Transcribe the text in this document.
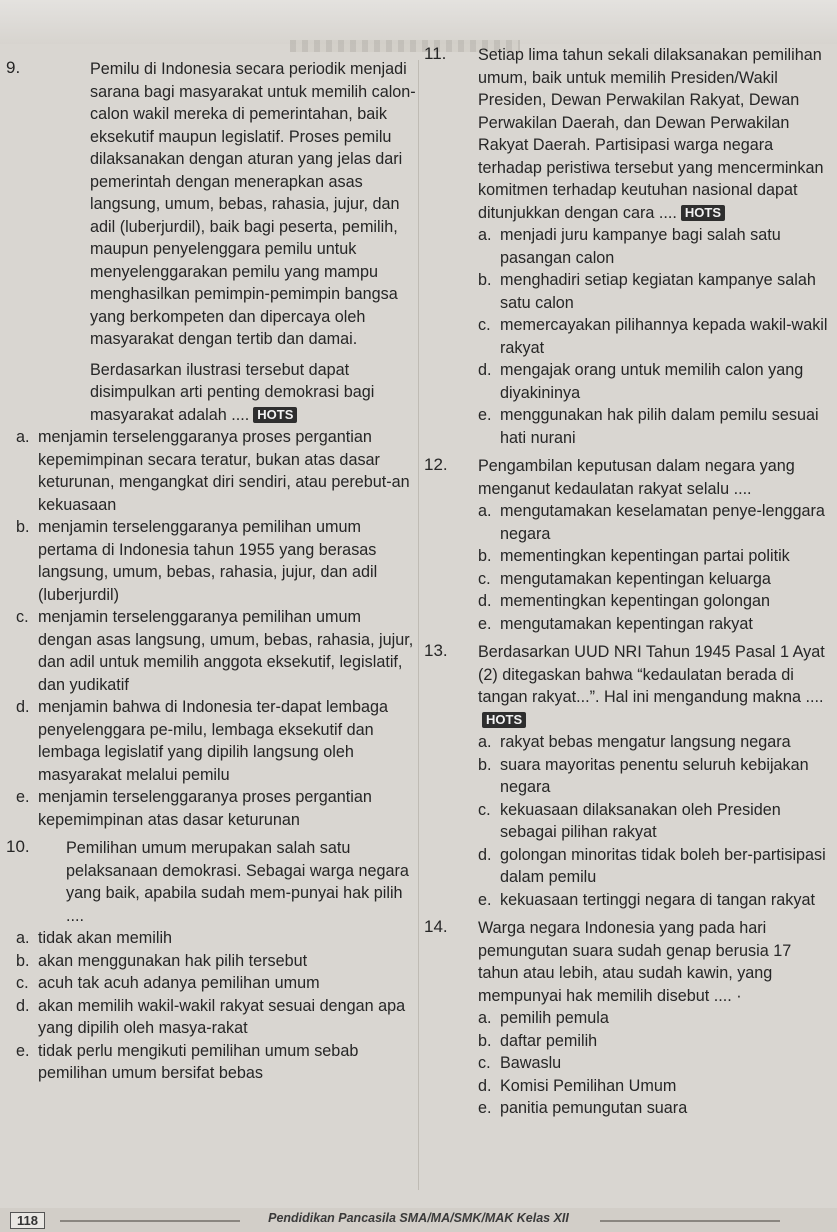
9.	Pemilu di Indonesia secara periodik menjadi sarana bagi masyarakat untuk memilih calon-calon wakil mereka di pemerintahan, baik eksekutif maupun legislatif. Proses pemilu dilaksanakan dengan aturan yang jelas dari pemerintah dengan menerapkan asas langsung, umum, bebas, rahasia, jujur, dan adil (luberjurdil), baik bagi peserta, pemilih, maupun penyelenggara pemilu untuk menyelenggarakan pemilu yang mampu menghasilkan pemimpin-pemimpin bangsa yang berkompeten dan dipercaya oleh masyarakat dengan tertib dan damai.
Berdasarkan ilustrasi tersebut dapat disimpulkan arti penting demokrasi bagi masyarakat adalah .... HOTS
a. menjamin terselenggaranya proses pergantian kepemimpinan secara teratur, bukan atas dasar keturunan, mengangkat diri sendiri, atau perebut-an kekuasaan
b. menjamin terselenggaranya pemilihan umum pertama di Indonesia tahun 1955 yang berasas langsung, umum, bebas, rahasia, jujur, dan adil (luberjurdil)
c. menjamin terselenggaranya pemilihan umum dengan asas langsung, umum, bebas, rahasia, jujur, dan adil untuk memilih anggota eksekutif, legislatif, dan yudikatif
d. menjamin bahwa di Indonesia ter-dapat lembaga penyelenggara pe-milu, lembaga eksekutif dan lembaga legislatif yang dipilih langsung oleh masyarakat melalui pemilu
e. menjamin terselenggaranya proses pergantian kepemimpinan atas dasar keturunan
10. Pemilihan umum merupakan salah satu pelaksanaan demokrasi. Sebagai warga negara yang baik, apabila sudah mem-punyai hak pilih ....
a. tidak akan memilih
b. akan menggunakan hak pilih tersebut
c. acuh tak acuh adanya pemilihan umum
d. akan memilih wakil-wakil rakyat sesuai dengan apa yang dipilih oleh masya-rakat
e. tidak perlu mengikuti pemilihan umum sebab pemilihan umum bersifat bebas
11. Setiap lima tahun sekali dilaksanakan pemilihan umum, baik untuk memilih Presiden/Wakil Presiden, Dewan Perwakilan Rakyat, Dewan Perwakilan Daerah, dan Dewan Perwakilan Rakyat Daerah. Partisipasi warga negara terhadap peristiwa tersebut yang mencerminkan komitmen terhadap keutuhan nasional dapat ditunjukkan dengan cara .... HOTS
a. menjadi juru kampanye bagi salah satu pasangan calon
b. menghadiri setiap kegiatan kampanye salah satu calon
c. memercayakan pilihannya kepada wakil-wakil rakyat
d. mengajak orang untuk memilih calon yang diyakininya
e. menggunakan hak pilih dalam pemilu sesuai hati nurani
12. Pengambilan keputusan dalam negara yang menganut kedaulatan rakyat selalu ....
a. mengutamakan keselamatan penye-lenggara negara
b. mementingkan kepentingan partai politik
c. mengutamakan kepentingan keluarga
d. mementingkan kepentingan golongan
e. mengutamakan kepentingan rakyat
13. Berdasarkan UUD NRI Tahun 1945 Pasal 1 Ayat (2) ditegaskan bahwa “kedaulatan berada di tangan rakyat...”. Hal ini mengandung makna ....HOTS
a. rakyat bebas mengatur langsung negara
b. suara mayoritas penentu seluruh kebijakan negara
c. kekuasaan dilaksanakan oleh Presiden sebagai pilihan rakyat
d. golongan minoritas tidak boleh ber-partisipasi dalam pemilu
e. kekuasaan tertinggi negara di tangan rakyat
14. Warga negara Indonesia yang pada hari pemungutan suara sudah genap berusia 17 tahun atau lebih, atau sudah kawin, yang mempunyai hak memilih disebut .... ·
a. pemilih pemula
b. daftar pemilih
c. Bawaslu
d. Komisi Pemilihan Umum
e. panitia pemungutan suara
118	Pendidikan Pancasila SMA/MA/SMK/MAK Kelas XII
